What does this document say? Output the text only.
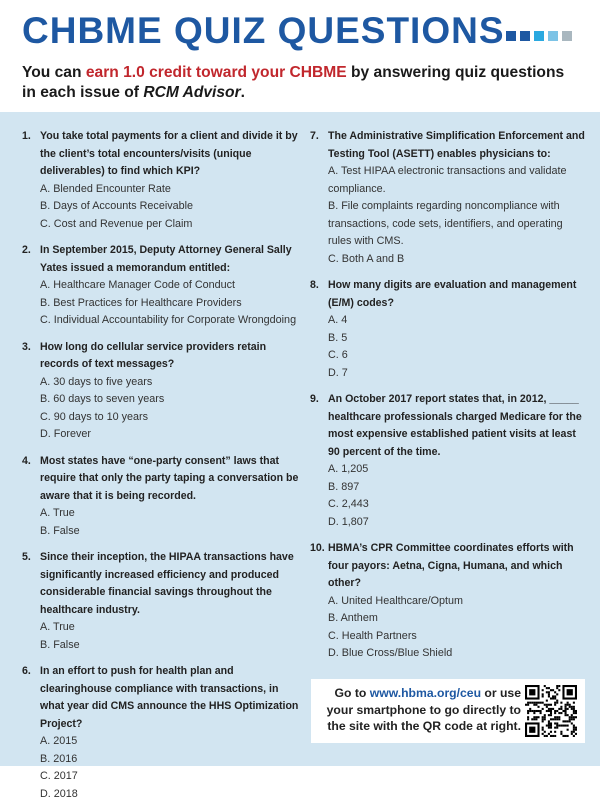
CHBME QUIZ QUESTIONS
You can earn 1.0 credit toward your CHBME by answering quiz questions in each issue of RCM Advisor.
1. You take total payments for a client and divide it by the client’s total encounters/visits (unique deliverables) to find which KPI?
A. Blended Encounter Rate
B. Days of Accounts Receivable
C. Cost and Revenue per Claim
2. In September 2015, Deputy Attorney General Sally Yates issued a memorandum entitled:
A. Healthcare Manager Code of Conduct
B. Best Practices for Healthcare Providers
C. Individual Accountability for Corporate Wrongdoing
3. How long do cellular service providers retain records of text messages?
A. 30 days to five years
B. 60 days to seven years
C. 90 days to 10 years
D. Forever
4. Most states have “one-party consent” laws that require that only the party taping a conversation be aware that it is being recorded.
A. True
B. False
5. Since their inception, the HIPAA transactions have significantly increased efficiency and produced considerable financial savings throughout the healthcare industry.
A. True
B. False
6. In an effort to push for health plan and clearinghouse compliance with transactions, in what year did CMS announce the HHS Optimization Project?
A. 2015
B. 2016
C. 2017
D. 2018
7. The Administrative Simplification Enforcement and Testing Tool (ASETT) enables physicians to:
A. Test HIPAA electronic transactions and validate compliance.
B. File complaints regarding noncompliance with transactions, code sets, identifiers, and operating rules with CMS.
C. Both A and B
8. How many digits are evaluation and management (E/M) codes?
A. 4
B. 5
C. 6
D. 7
9. An October 2017 report states that, in 2012, _____ healthcare professionals charged Medicare for the most expensive established patient visits at least 90 percent of the time.
A. 1,205
B. 897
C. 2,443
D. 1,807
10. HBMA’s CPR Committee coordinates efforts with four payors: Aetna, Cigna, Humana, and which other?
A. United Healthcare/Optum
B. Anthem
C. Health Partners
D. Blue Cross/Blue Shield
Go to www.hbma.org/ceu or use your smartphone to go directly to the site with the QR code at right.
